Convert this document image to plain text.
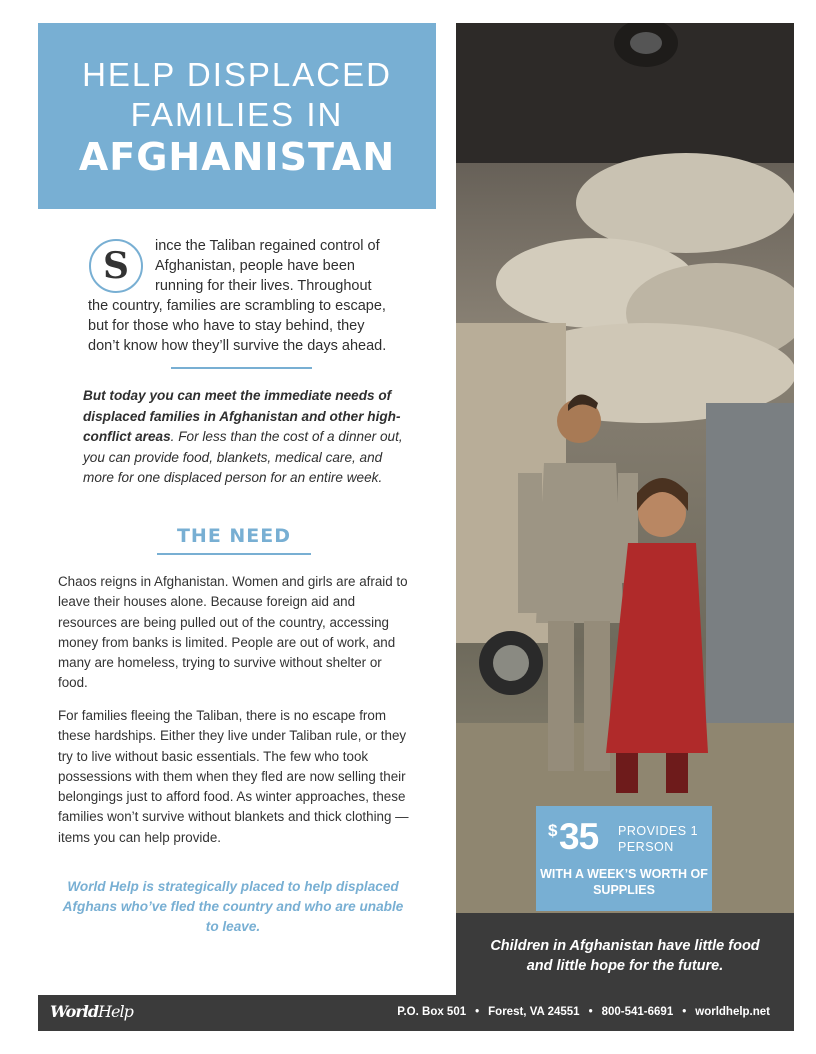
HELP DISPLACED
FAMILIES IN
AFGHANISTAN
S	ince the Taliban regained control of Afghanistan, people have been running for their lives. Throughout the country, families are scrambling to escape, but for those who have to stay behind, they don’t know how they’ll survive the days ahead.
But today you can meet the immediate needs of displaced families in Afghanistan and other high-conflict areas. For less than the cost of a dinner out, you can provide food, blankets, medical care, and more for one displaced person for an entire week.
THE NEED
Chaos reigns in Afghanistan. Women and girls are afraid to leave their houses alone. Because foreign aid and resources are being pulled out of the country, accessing money from banks is limited. People are out of work, and many are homeless, trying to survive without shelter or food.
For families fleeing the Taliban, there is no escape from these hardships. Either they live under Taliban rule, or they try to live without basic essentials. The few who took possessions with them when they fled are now selling their belongings just to afford food. As winter approaches, these families won’t survive without blankets and thick clothing — items you can help provide.
World Help is strategically placed to help displaced Afghans who’ve fled the country and who are unable to leave.
$ 35 PROVIDES 1 PERSON
WITH A WEEK’S WORTH OF SUPPLIES
Children in Afghanistan have little food and little hope for the future.
WorldHelp	P.O. Box 501 • Forest, VA 24551 • 800-541-6691 • worldhelp.net
